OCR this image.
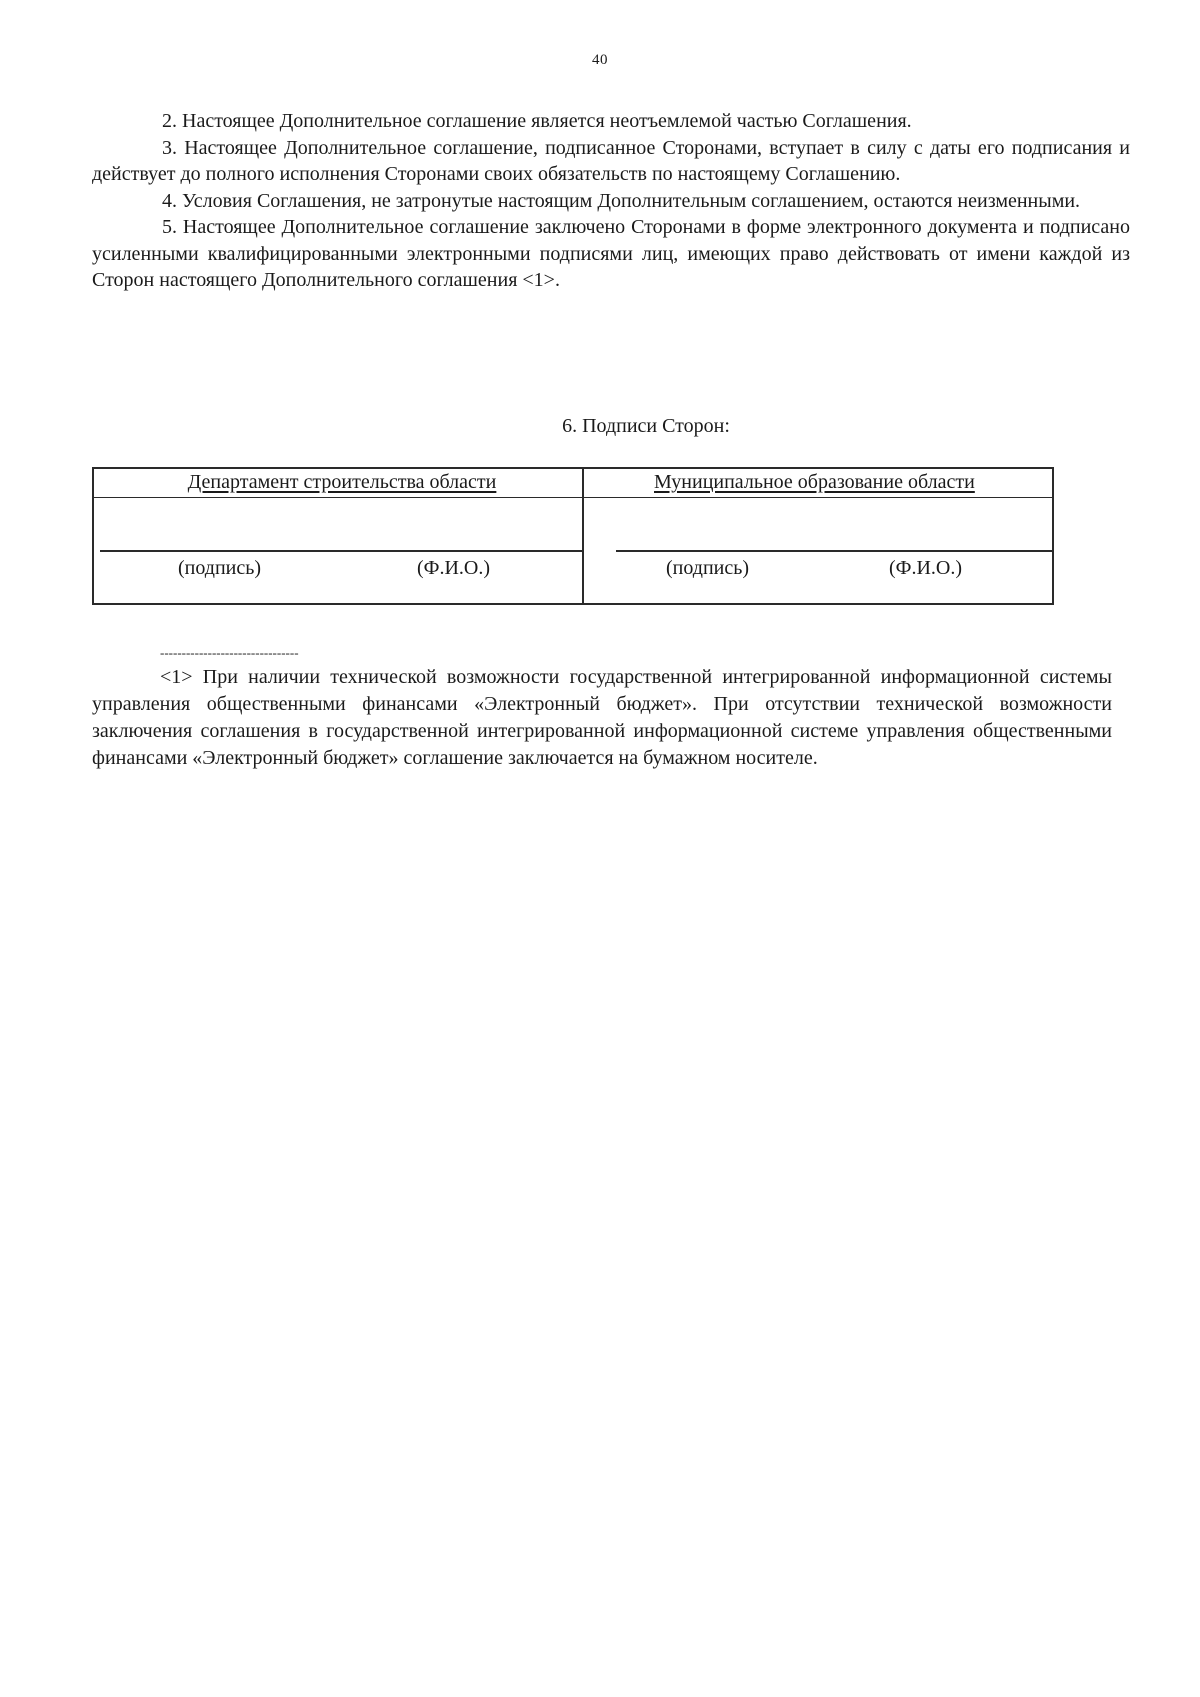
40

2. Настоящее Дополнительное соглашение является неотъемлемой частью Соглашения.

3. Настоящее Дополнительное соглашение, подписанное Сторонами, вступает в силу с даты его подписания и действует до полного исполнения Сторонами своих обязательств по настоящему Соглашению.

4. Условия Соглашения, не затронутые настоящим Дополнительным соглашением, остаются неизменными.

5. Настоящее Дополнительное соглашение заключено Сторонами в форме электронного документа и подписано усиленными квалифицированными электронными подписями лиц, имеющих право действовать от имени каждой из Сторон настоящего Дополнительного соглашения <1>.

6. Подписи Сторон:
Департамент строительства области
(подпись)	(Ф.И.О.)
Муниципальное образование области
(подпись)	(Ф.И.О.)
--------------------------------

<1> При наличии технической возможности государственной интегрированной информационной системы управления общественными финансами «Электронный бюджет». При отсутствии технической возможности заключения соглашения в государственной интегрированной информационной системе управления общественными финансами «Электронный бюджет» соглашение заключается на бумажном носителе.
